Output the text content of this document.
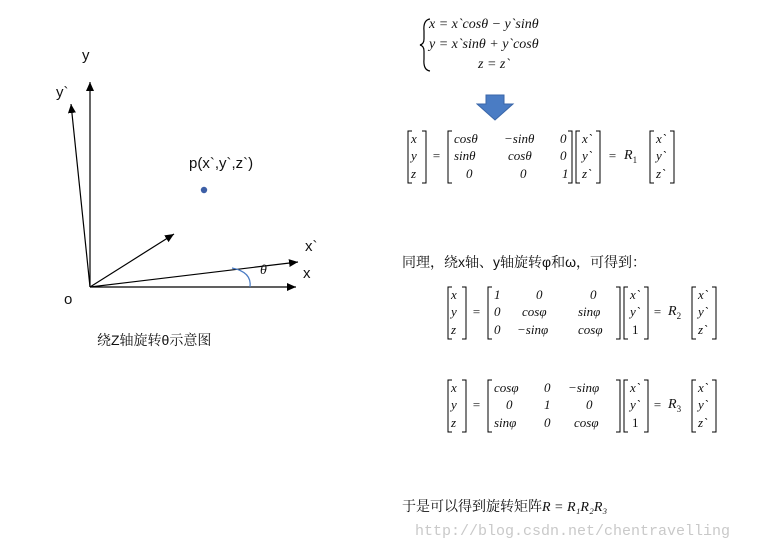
y
y`
x
x`
o
θ
p(x`,y`,z`)
绕Z轴旋转θ示意图
x = x`cosθ − y`sinθ
y = x`sinθ + y`cosθ
z = z`
x
y
z
=
cosθ −sinθ 0
sinθ cosθ 0
0	0	1
x`
y`
z`
= $R_1$
x`
y`
z`
同理，绕x轴、y轴旋转φ和ω，可得到：
x
y
z
=
1	0	0
0 cosφ sinφ
0 −sinφ cosφ
x`
y`
1
= $R_2$
x`
y`
z`
x
y
z
=
cosφ 0 −sinφ
0 1	0
sinφ 0 cosφ
x`
y`
1
= $R_3$
x`
y`
z`
于是可以得到旋转矩阵R = R₁R₂R₃
http://blog.csdn.net/chentravelling
